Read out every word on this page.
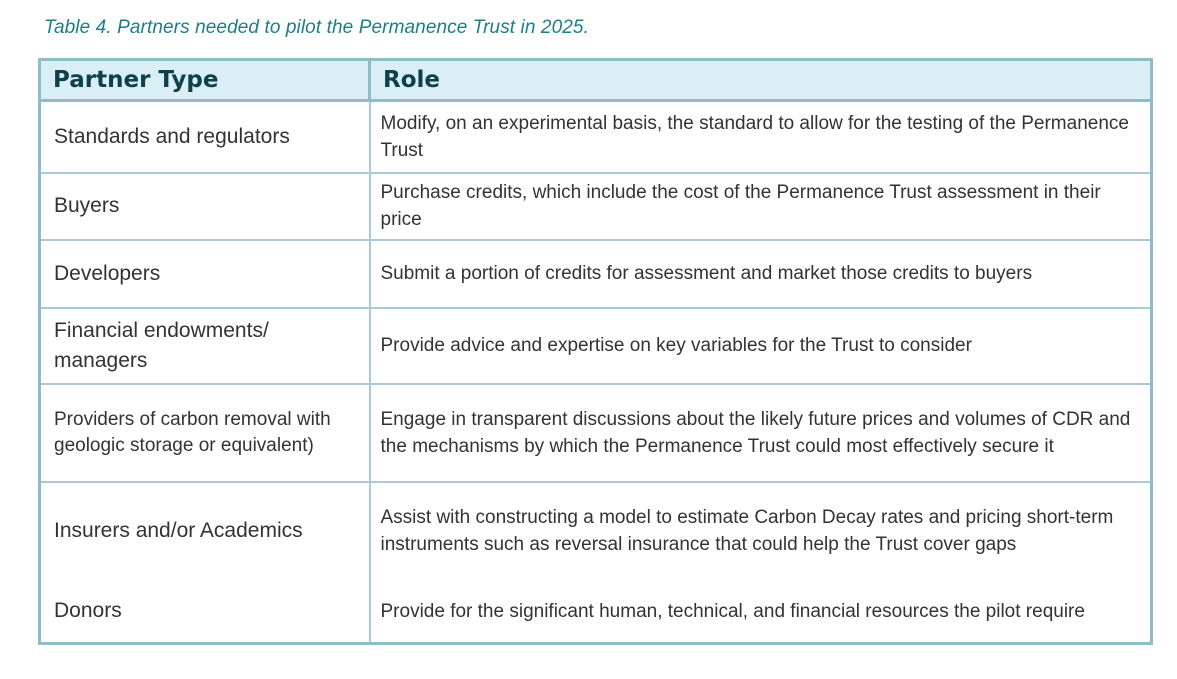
Table 4. Partners needed to pilot the Permanence Trust in 2025.
Partner Type	Role
Standards and regulators	Modify, on an experimental basis, the standard to allow for the testing of the Permanence Trust
Buyers	Purchase credits, which include the cost of the Permanence Trust assessment in their price
Developers	Submit a portion of credits for assessment and market those credits to buyers
Financial endowments/ managers	Provide advice and expertise on key variables for the Trust to consider
Providers of carbon removal with geologic storage or equivalent)	Engage in transparent discussions about the likely future prices and volumes of CDR and the mechanisms by which the Permanence Trust could most effectively secure it
Insurers and/or Academics	Assist with constructing a model to estimate Carbon Decay rates and pricing short-term instruments such as reversal insurance that could help the Trust cover gaps
Donors	Provide for the significant human, technical, and financial resources the pilot require
